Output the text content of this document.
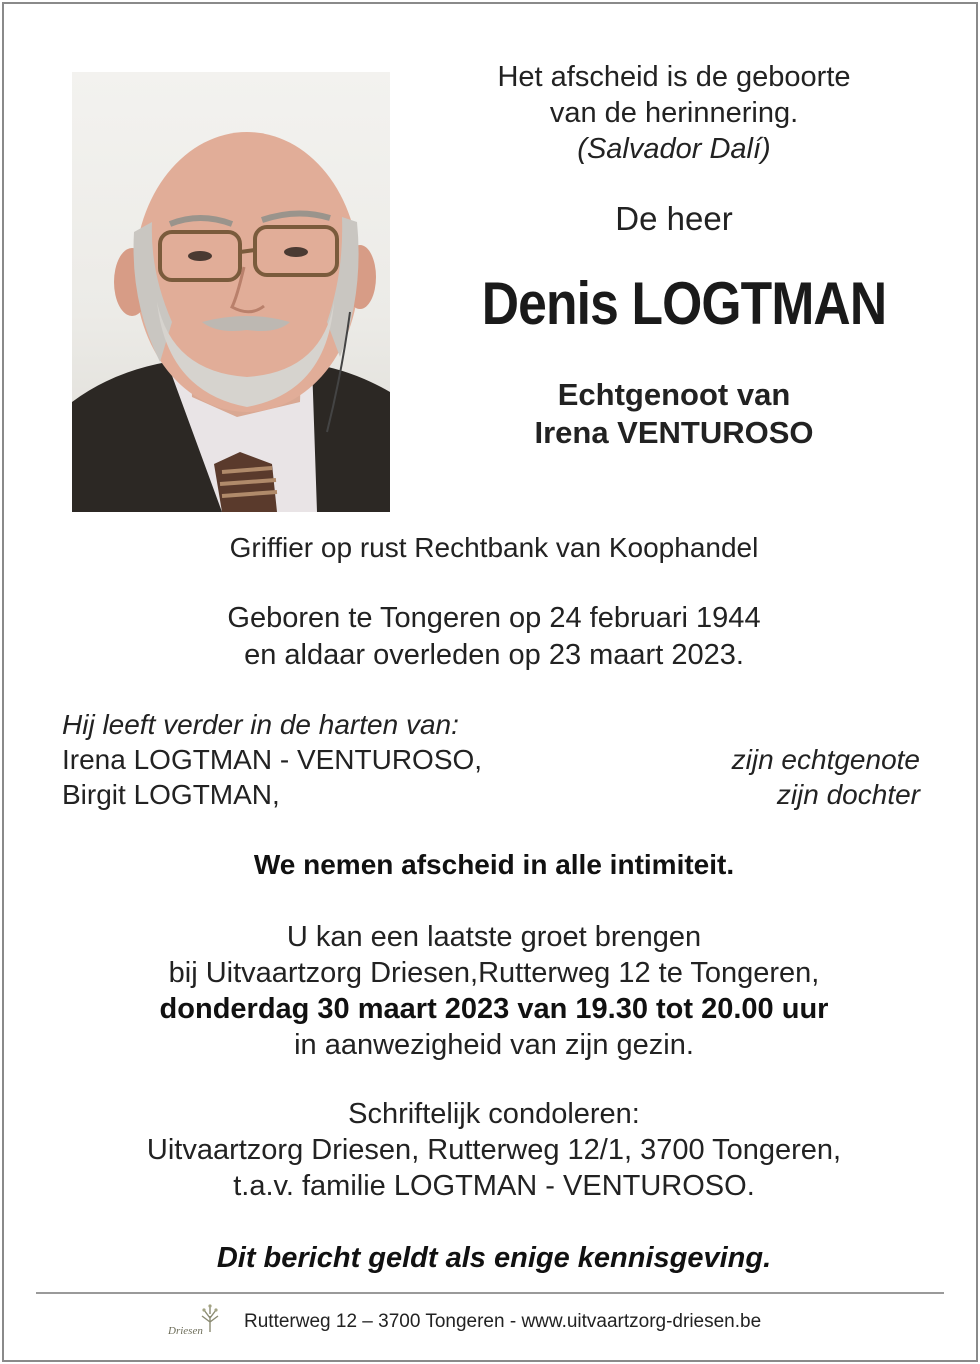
Het afscheid is de geboorte
van de herinnering.
(Salvador Dalí)
De heer
Denis LOGTMAN
Echtgenoot van
Irena VENTUROSO
Griffier op rust Rechtbank van Koophandel
Geboren te Tongeren op 24 februari 1944
en aldaar overleden op 23 maart 2023.
Hij leeft verder in de harten van:
Irena LOGTMAN - VENTUROSO,	zijn echtgenote
Birgit LOGTMAN,	zijn dochter
We nemen afscheid in alle intimiteit.
U kan een laatste groet brengen
bij Uitvaartzorg Driesen,Rutterweg 12 te Tongeren,
donderdag 30 maart 2023 van 19.30 tot 20.00 uur
in aanwezigheid van zijn gezin.
Schriftelijk condoleren:
Uitvaartzorg Driesen, Rutterweg 12/1, 3700 Tongeren,
t.a.v. familie LOGTMAN - VENTUROSO.
Dit bericht geldt als enige kennisgeving.
Driesen Rutterweg 12 – 3700 Tongeren - www.uitvaartzorg-driesen.be
